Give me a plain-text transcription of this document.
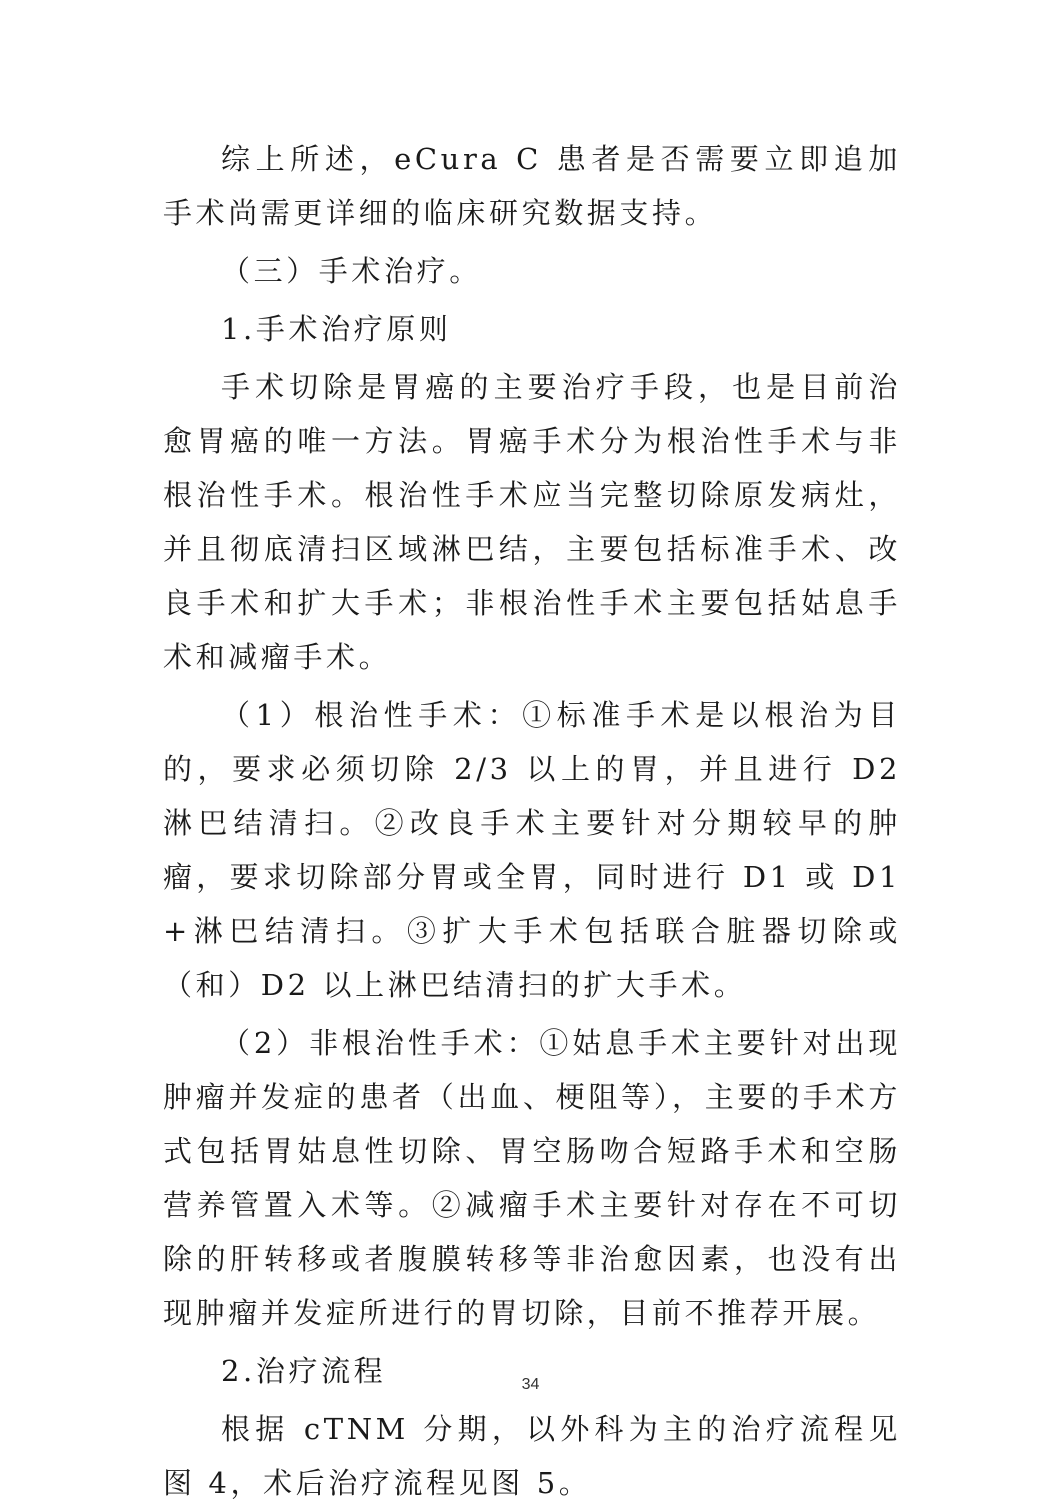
综上所述，eCura C 患者是否需要立即追加手术尚需更详细的临床研究数据支持。

（三）手术治疗。

1.手术治疗原则

手术切除是胃癌的主要治疗手段，也是目前治愈胃癌的唯一方法。胃癌手术分为根治性手术与非根治性手术。根治性手术应当完整切除原发病灶，并且彻底清扫区域淋巴结，主要包括标准手术、改良手术和扩大手术；非根治性手术主要包括姑息手术和减瘤手术。

（1）根治性手术：①标准手术是以根治为目的，要求必须切除 2/3 以上的胃，并且进行 D2 淋巴结清扫。②改良手术主要针对分期较早的肿瘤，要求切除部分胃或全胃，同时进行 D1 或 D1+淋巴结清扫。③扩大手术包括联合脏器切除或（和）D2 以上淋巴结清扫的扩大手术。

（2）非根治性手术：①姑息手术主要针对出现肿瘤并发症的患者（出血、梗阻等），主要的手术方式包括胃姑息性切除、胃空肠吻合短路手术和空肠营养管置入术等。②减瘤手术主要针对存在不可切除的肝转移或者腹膜转移等非治愈因素，也没有出现肿瘤并发症所进行的胃切除，目前不推荐开展。

2.治疗流程

根据 cTNM 分期，以外科为主的治疗流程见图 4，术后治疗流程见图 5。

34
